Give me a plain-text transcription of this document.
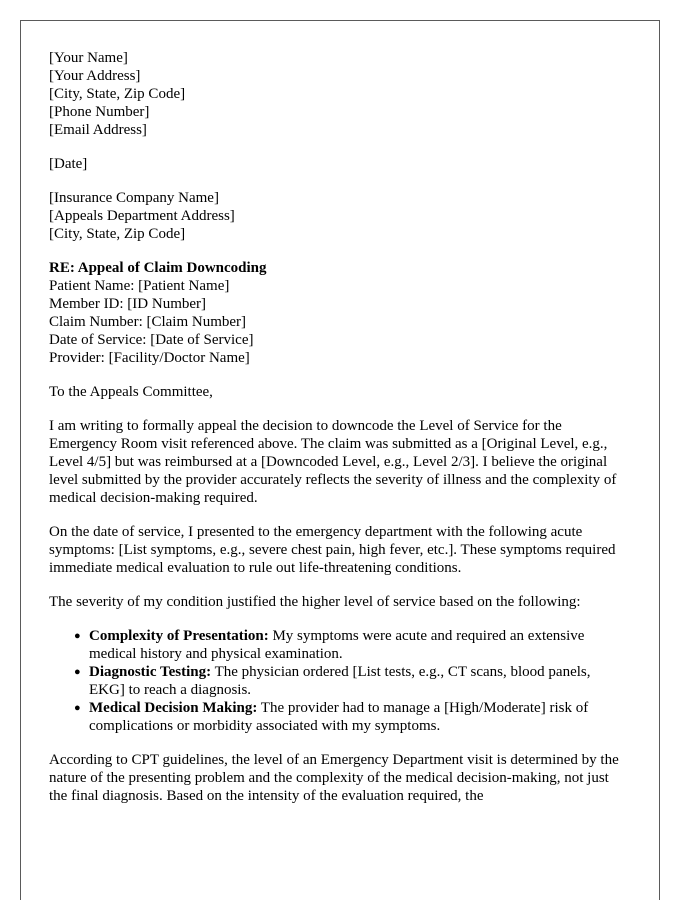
[Your Name]
[Your Address]
[City, State, Zip Code]
[Phone Number]
[Email Address]
[Date]
[Insurance Company Name]
[Appeals Department Address]
[City, State, Zip Code]
RE: Appeal of Claim Downcoding
Patient Name: [Patient Name]
Member ID: [ID Number]
Claim Number: [Claim Number]
Date of Service: [Date of Service]
Provider: [Facility/Doctor Name]

To the Appeals Committee,

I am writing to formally appeal the decision to downcode the Level of Service for the Emergency Room visit referenced above. The claim was submitted as a [Original Level, e.g., Level 4/5] but was reimbursed at a [Downcoded Level, e.g., Level 2/3]. I believe the original level submitted by the provider accurately reflects the severity of illness and the complexity of medical decision-making required.

On the date of service, I presented to the emergency department with the following acute symptoms: [List symptoms, e.g., severe chest pain, high fever, etc.]. These symptoms required immediate medical evaluation to rule out life-threatening conditions.

The severity of my condition justified the higher level of service based on the following:

● Complexity of Presentation: My symptoms were acute and required an extensive medical history and physical examination.
● Diagnostic Testing: The physician ordered [List tests, e.g., CT scans, blood panels, EKG] to reach a diagnosis.
● Medical Decision Making: The provider had to manage a [High/Moderate] risk of complications or morbidity associated with my symptoms.

According to CPT guidelines, the level of an Emergency Department visit is determined by the nature of the presenting problem and the complexity of the medical decision-making, not just the final diagnosis. Based on the intensity of the evaluation required, the
